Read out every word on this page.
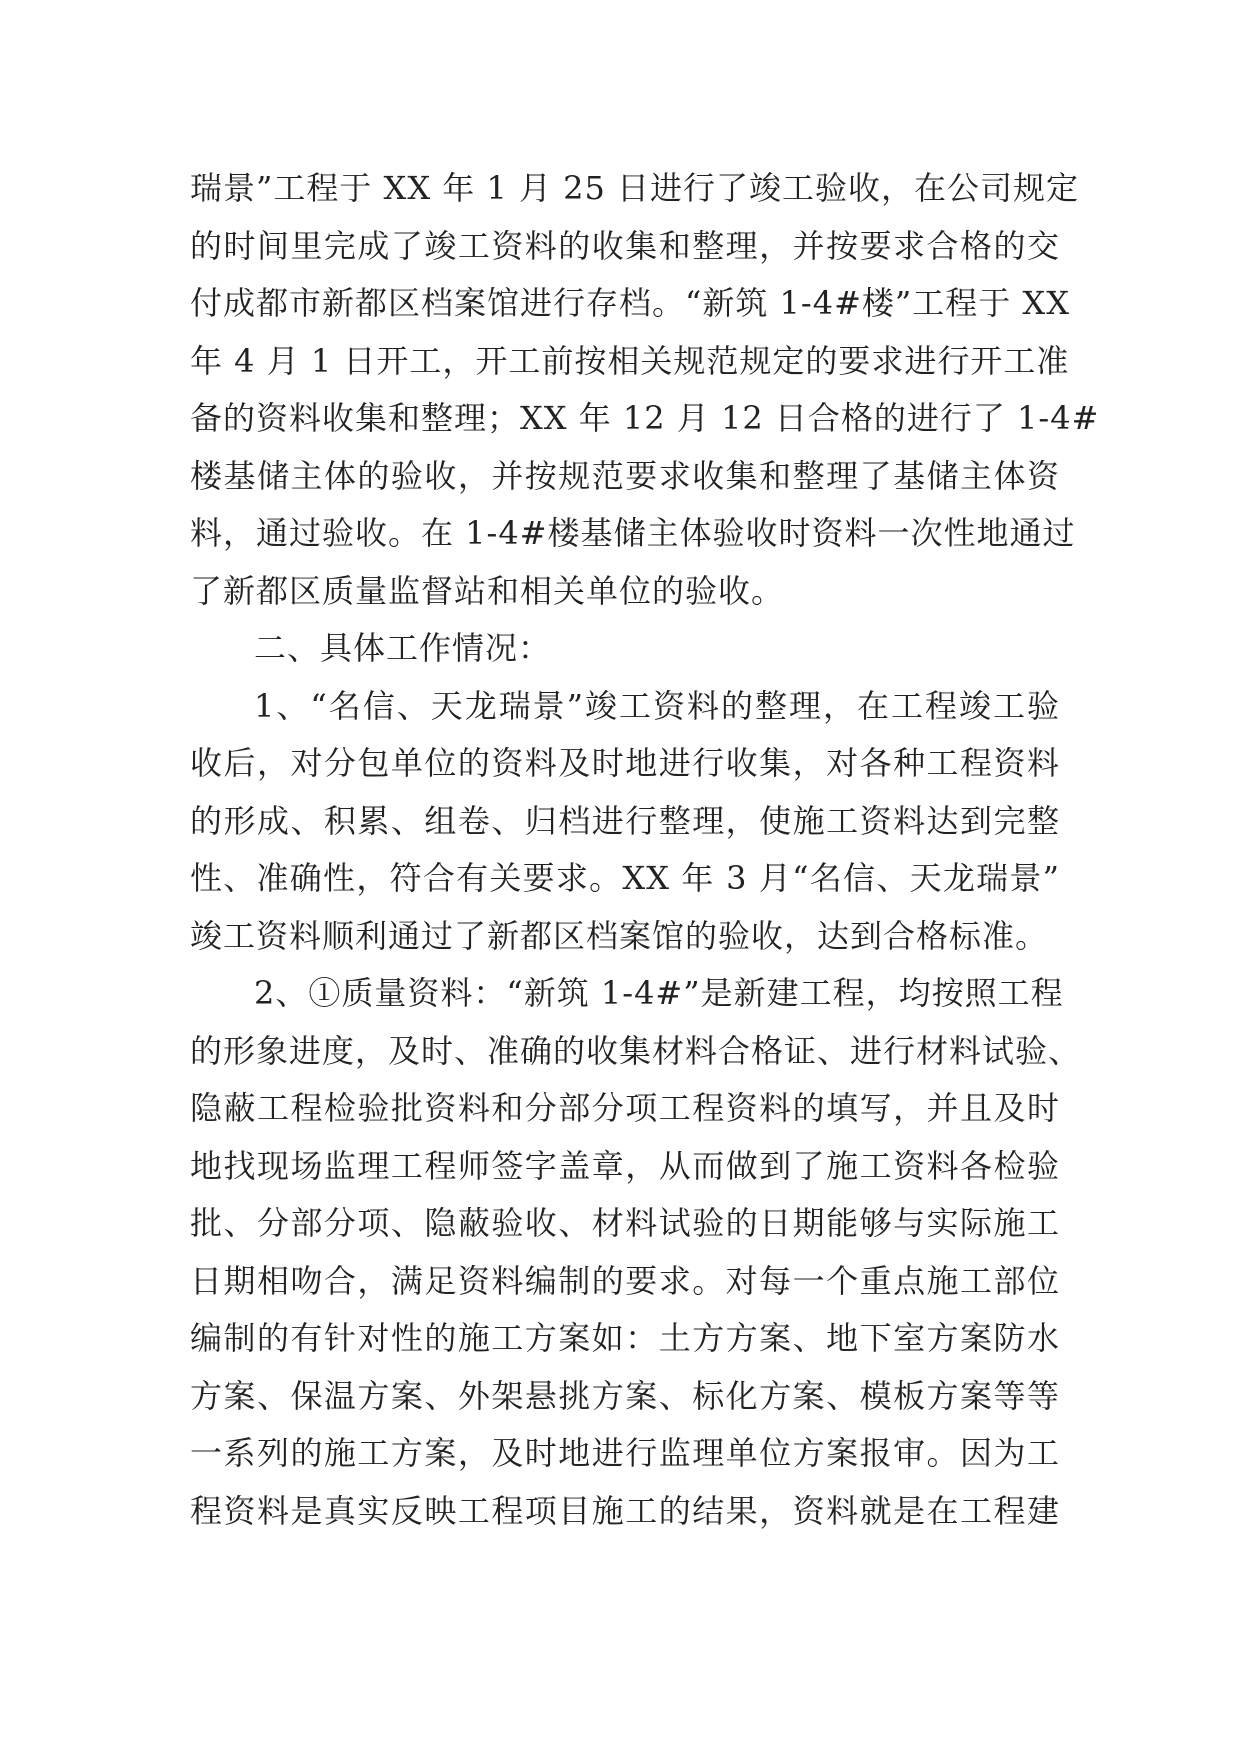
瑞景”工程于 XX 年 1 月 25 日进行了竣工验收，在公司规定
的时间里完成了竣工资料的收集和整理，并按要求合格的交
付成都市新都区档案馆进行存档。“新筑 1-4#楼”工程于 XX
年 4 月 1 日开工，开工前按相关规范规定的要求进行开工准
备的资料收集和整理；XX 年 12 月 12 日合格的进行了 1-4#
楼基储主体的验收，并按规范要求收集和整理了基储主体资
料，通过验收。在 1-4#楼基储主体验收时资料一次性地通过
了新都区质量监督站和相关单位的验收。
二、具体工作情况：
1、“名信、天龙瑞景”竣工资料的整理，在工程竣工验
收后，对分包单位的资料及时地进行收集，对各种工程资料
的形成、积累、组卷、归档进行整理，使施工资料达到完整
性、准确性，符合有关要求。XX 年 3 月“名信、天龙瑞景”
竣工资料顺利通过了新都区档案馆的验收，达到合格标准。
2、①质量资料：“新筑 1-4#”是新建工程，均按照工程
的形象进度，及时、准确的收集材料合格证、进行材料试验、
隐蔽工程检验批资料和分部分项工程资料的填写，并且及时
地找现场监理工程师签字盖章，从而做到了施工资料各检验
批、分部分项、隐蔽验收、材料试验的日期能够与实际施工
日期相吻合，满足资料编制的要求。对每一个重点施工部位
编制的有针对性的施工方案如：土方方案、地下室方案防水
方案、保温方案、外架悬挑方案、标化方案、模板方案等等
一系列的施工方案，及时地进行监理单位方案报审。因为工
程资料是真实反映工程项目施工的结果，资料就是在工程建
